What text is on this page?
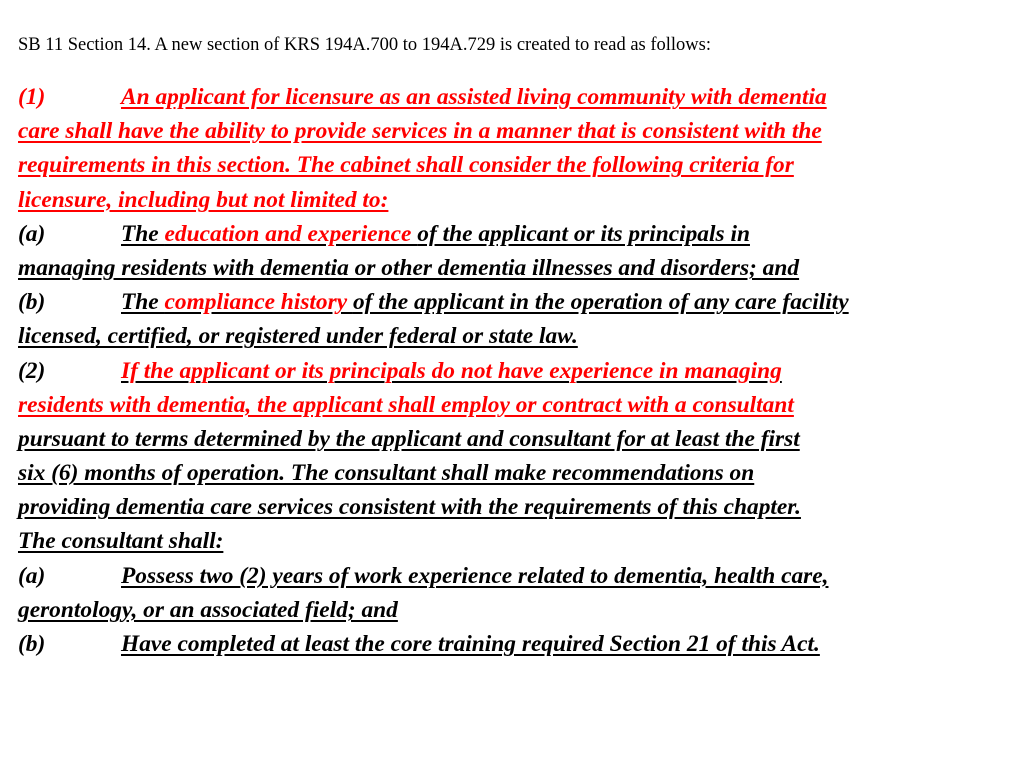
SB 11 Section 14. A new section of KRS 194A.700 to 194A.729 is created to read as follows:
(1)	An applicant for licensure as an assisted living community with dementia
care shall have the ability to provide services in a manner that is consistent with the
requirements in this section. The cabinet shall consider the following criteria for
licensure, including but not limited to:
(a)	The education and experience of the applicant or its principals in
managing residents with dementia or other dementia illnesses and disorders; and
(b)	The compliance history of the applicant in the operation of any care facility
licensed, certified, or registered under federal or state law.
(2)	If the applicant or its principals do not have experience in managing
residents with dementia, the applicant shall employ or contract with a consultant
pursuant to terms determined by the applicant and consultant for at least the first
six (6) months of operation. The consultant shall make recommendations on
providing dementia care services consistent with the requirements of this chapter.
The consultant shall:
(a)	Possess two (2) years of work experience related to dementia, health care,
gerontology, or an associated field; and
(b)	Have completed at least the core training required Section 21 of this Act.
